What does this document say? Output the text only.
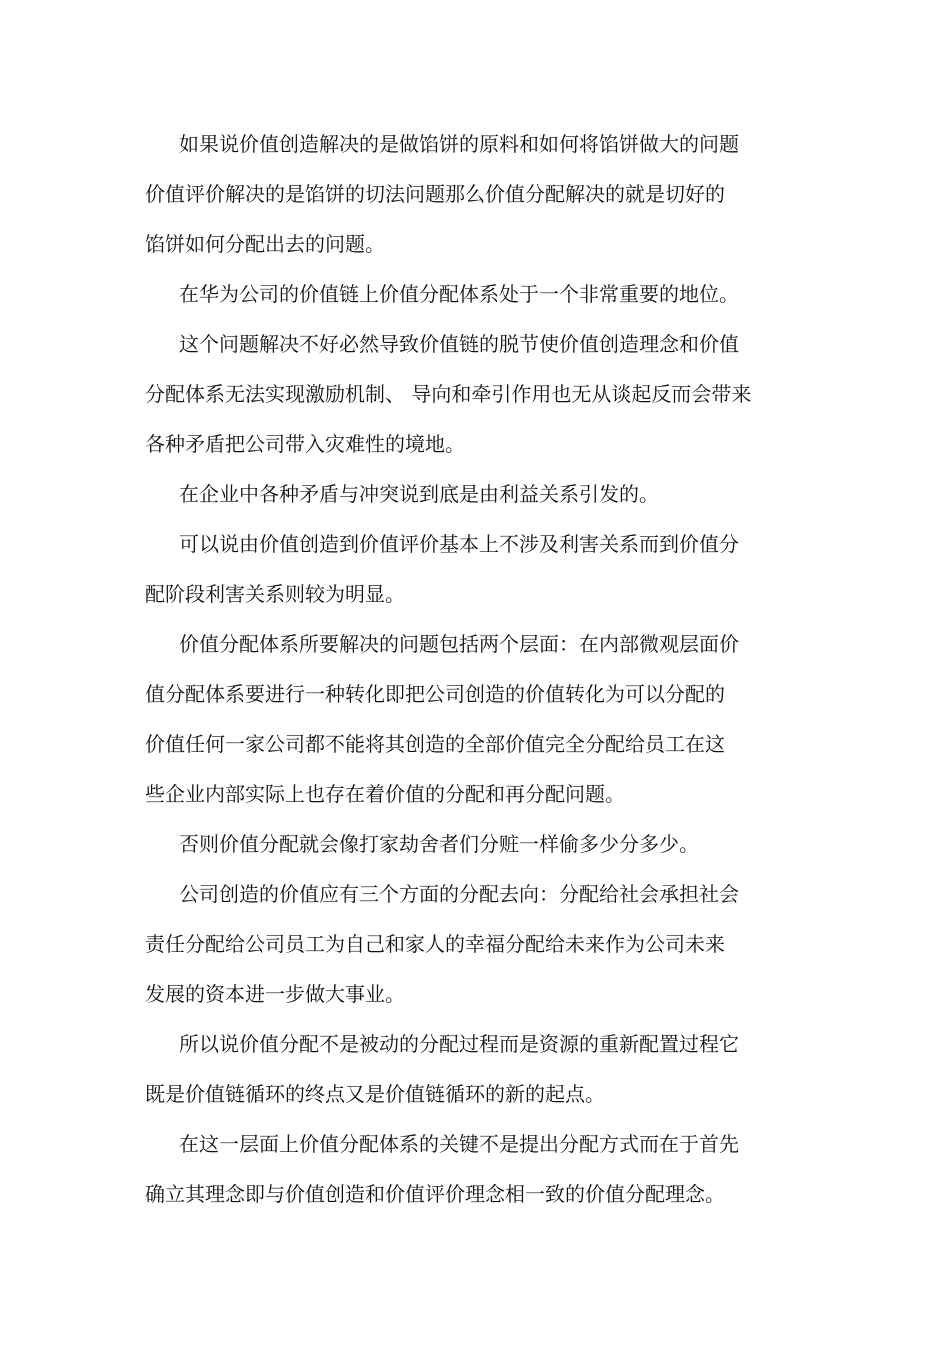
如果说价值创造解决的是做馅饼的原料和如何将馅饼做大的问题
价值评价解决的是馅饼的切法问题那么价值分配解决的就是切好的
馅饼如何分配出去的问题。

在华为公司的价值链上价值分配体系处于一个非常重要的地位。

这个问题解决不好必然导致价值链的脱节使价值创造理念和价值
分配体系无法实现激励机制、 导向和牵引作用也无从谈起反而会带来
各种矛盾把公司带入灾难性的境地。

在企业中各种矛盾与冲突说到底是由利益关系引发的。

可以说由价值创造到价值评价基本上不涉及利害关系而到价值分
配阶段利害关系则较为明显。

价值分配体系所要解决的问题包括两个层面：在内部微观层面价
值分配体系要进行一种转化即把公司创造的价值转化为可以分配的
价值任何一家公司都不能将其创造的全部价值完全分配给员工在这
些企业内部实际上也存在着价值的分配和再分配问题。

否则价值分配就会像打家劫舍者们分赃一样偷多少分多少。

公司创造的价值应有三个方面的分配去向：分配给社会承担社会
责任分配给公司员工为自己和家人的幸福分配给未来作为公司未来
发展的资本进一步做大事业。

所以说价值分配不是被动的分配过程而是资源的重新配置过程它
既是价值链循环的终点又是价值链循环的新的起点。

在这一层面上价值分配体系的关键不是提出分配方式而在于首先
确立其理念即与价值创造和价值评价理念相一致的价值分配理念。
